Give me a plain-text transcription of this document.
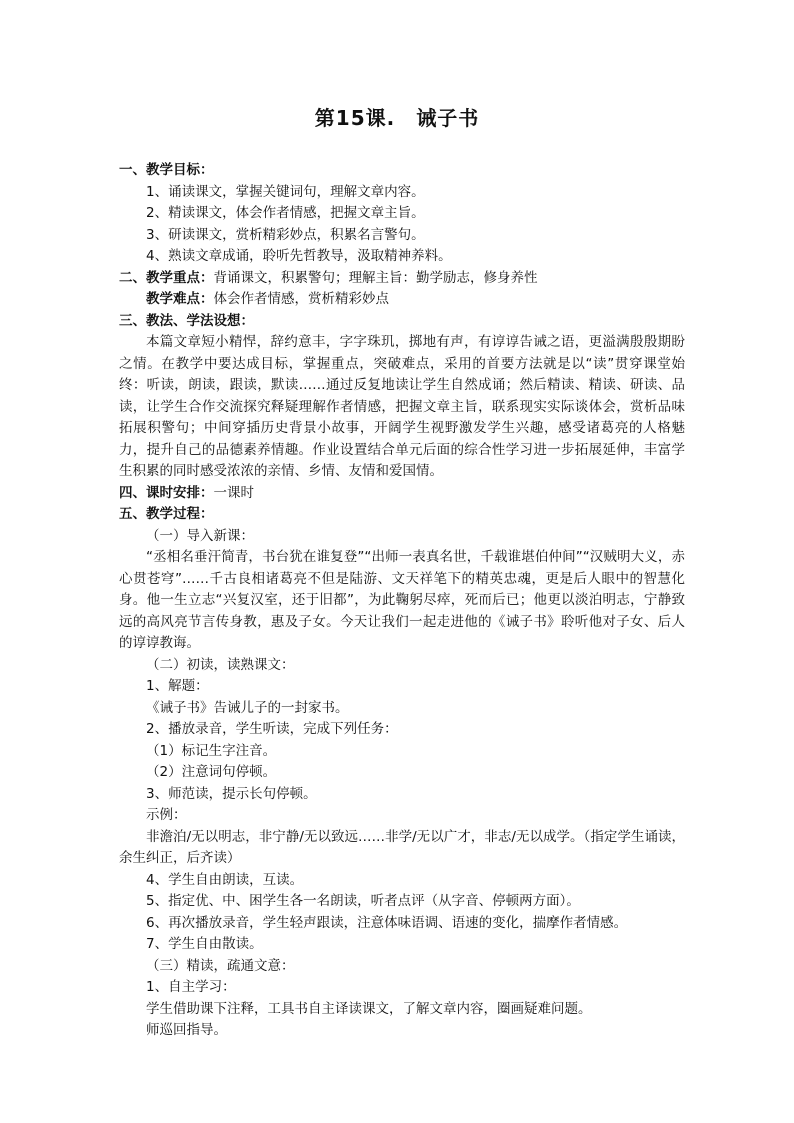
第15课.　诫子书

一、教学目标：

1、诵读课文，掌握关键词句，理解文章内容。

2、精读课文，体会作者情感，把握文章主旨。

3、研读课文，赏析精彩妙点，积累名言警句。

4、熟读文章成诵，聆听先哲教导，汲取精神养料。

二、教学重点：背诵课文，积累警句；理解主旨：勤学励志，修身养性

教学难点：体会作者情感，赏析精彩妙点

三、教法、学法设想：

本篇文章短小精悍，辞约意丰，字字珠玑，掷地有声，有谆谆告诫之语，更溢满殷殷期盼之情。在教学中要达成目标，掌握重点，突破难点，采用的首要方法就是以“读”贯穿课堂始终：听读，朗读，跟读，默读……通过反复地读让学生自然成诵；然后精读、精读、研读、品读，让学生合作交流探究释疑理解作者情感，把握文章主旨，联系现实实际谈体会，赏析品味拓展积警句；中间穿插历史背景小故事，开阔学生视野激发学生兴趣，感受诸葛亮的人格魅力，提升自己的品德素养情趣。作业设置结合单元后面的综合性学习进一步拓展延伸，丰富学生积累的同时感受浓浓的亲情、乡情、友情和爱国情。

四、课时安排：一课时

五、教学过程：

（一）导入新课：

“丞相名垂汗简青，书台犹在谁复登”“出师一表真名世，千载谁堪伯仲间”“汉贼明大义，赤心贯苍穹”……千古良相诸葛亮不但是陆游、文天祥笔下的精英忠魂，更是后人眼中的智慧化身。他一生立志“兴复汉室，还于旧都”，为此鞠躬尽瘁，死而后已；他更以淡泊明志，宁静致远的高风亮节言传身教，惠及子女。今天让我们一起走进他的《诫子书》聆听他对子女、后人的谆谆教诲。

（二）初读，读熟课文：

1、解题：

《诫子书》告诫儿子的一封家书。

2、播放录音，学生听读，完成下列任务：

（1）标记生字注音。

（2）注意词句停顿。

3、师范读，提示长句停顿。

示例：

非澹泊/无以明志，非宁静/无以致远……非学/无以广才，非志/无以成学。（指定学生诵读，余生纠正，后齐读）

4、学生自由朗读，互读。

5、指定优、中、困学生各一名朗读，听者点评（从字音、停顿两方面）。

6、再次播放录音，学生轻声跟读，注意体味语调、语速的变化，揣摩作者情感。

7、学生自由散读。

（三）精读，疏通文意：

1、自主学习：

学生借助课下注释，工具书自主译读课文，了解文章内容，圈画疑难问题。

师巡回指导。
